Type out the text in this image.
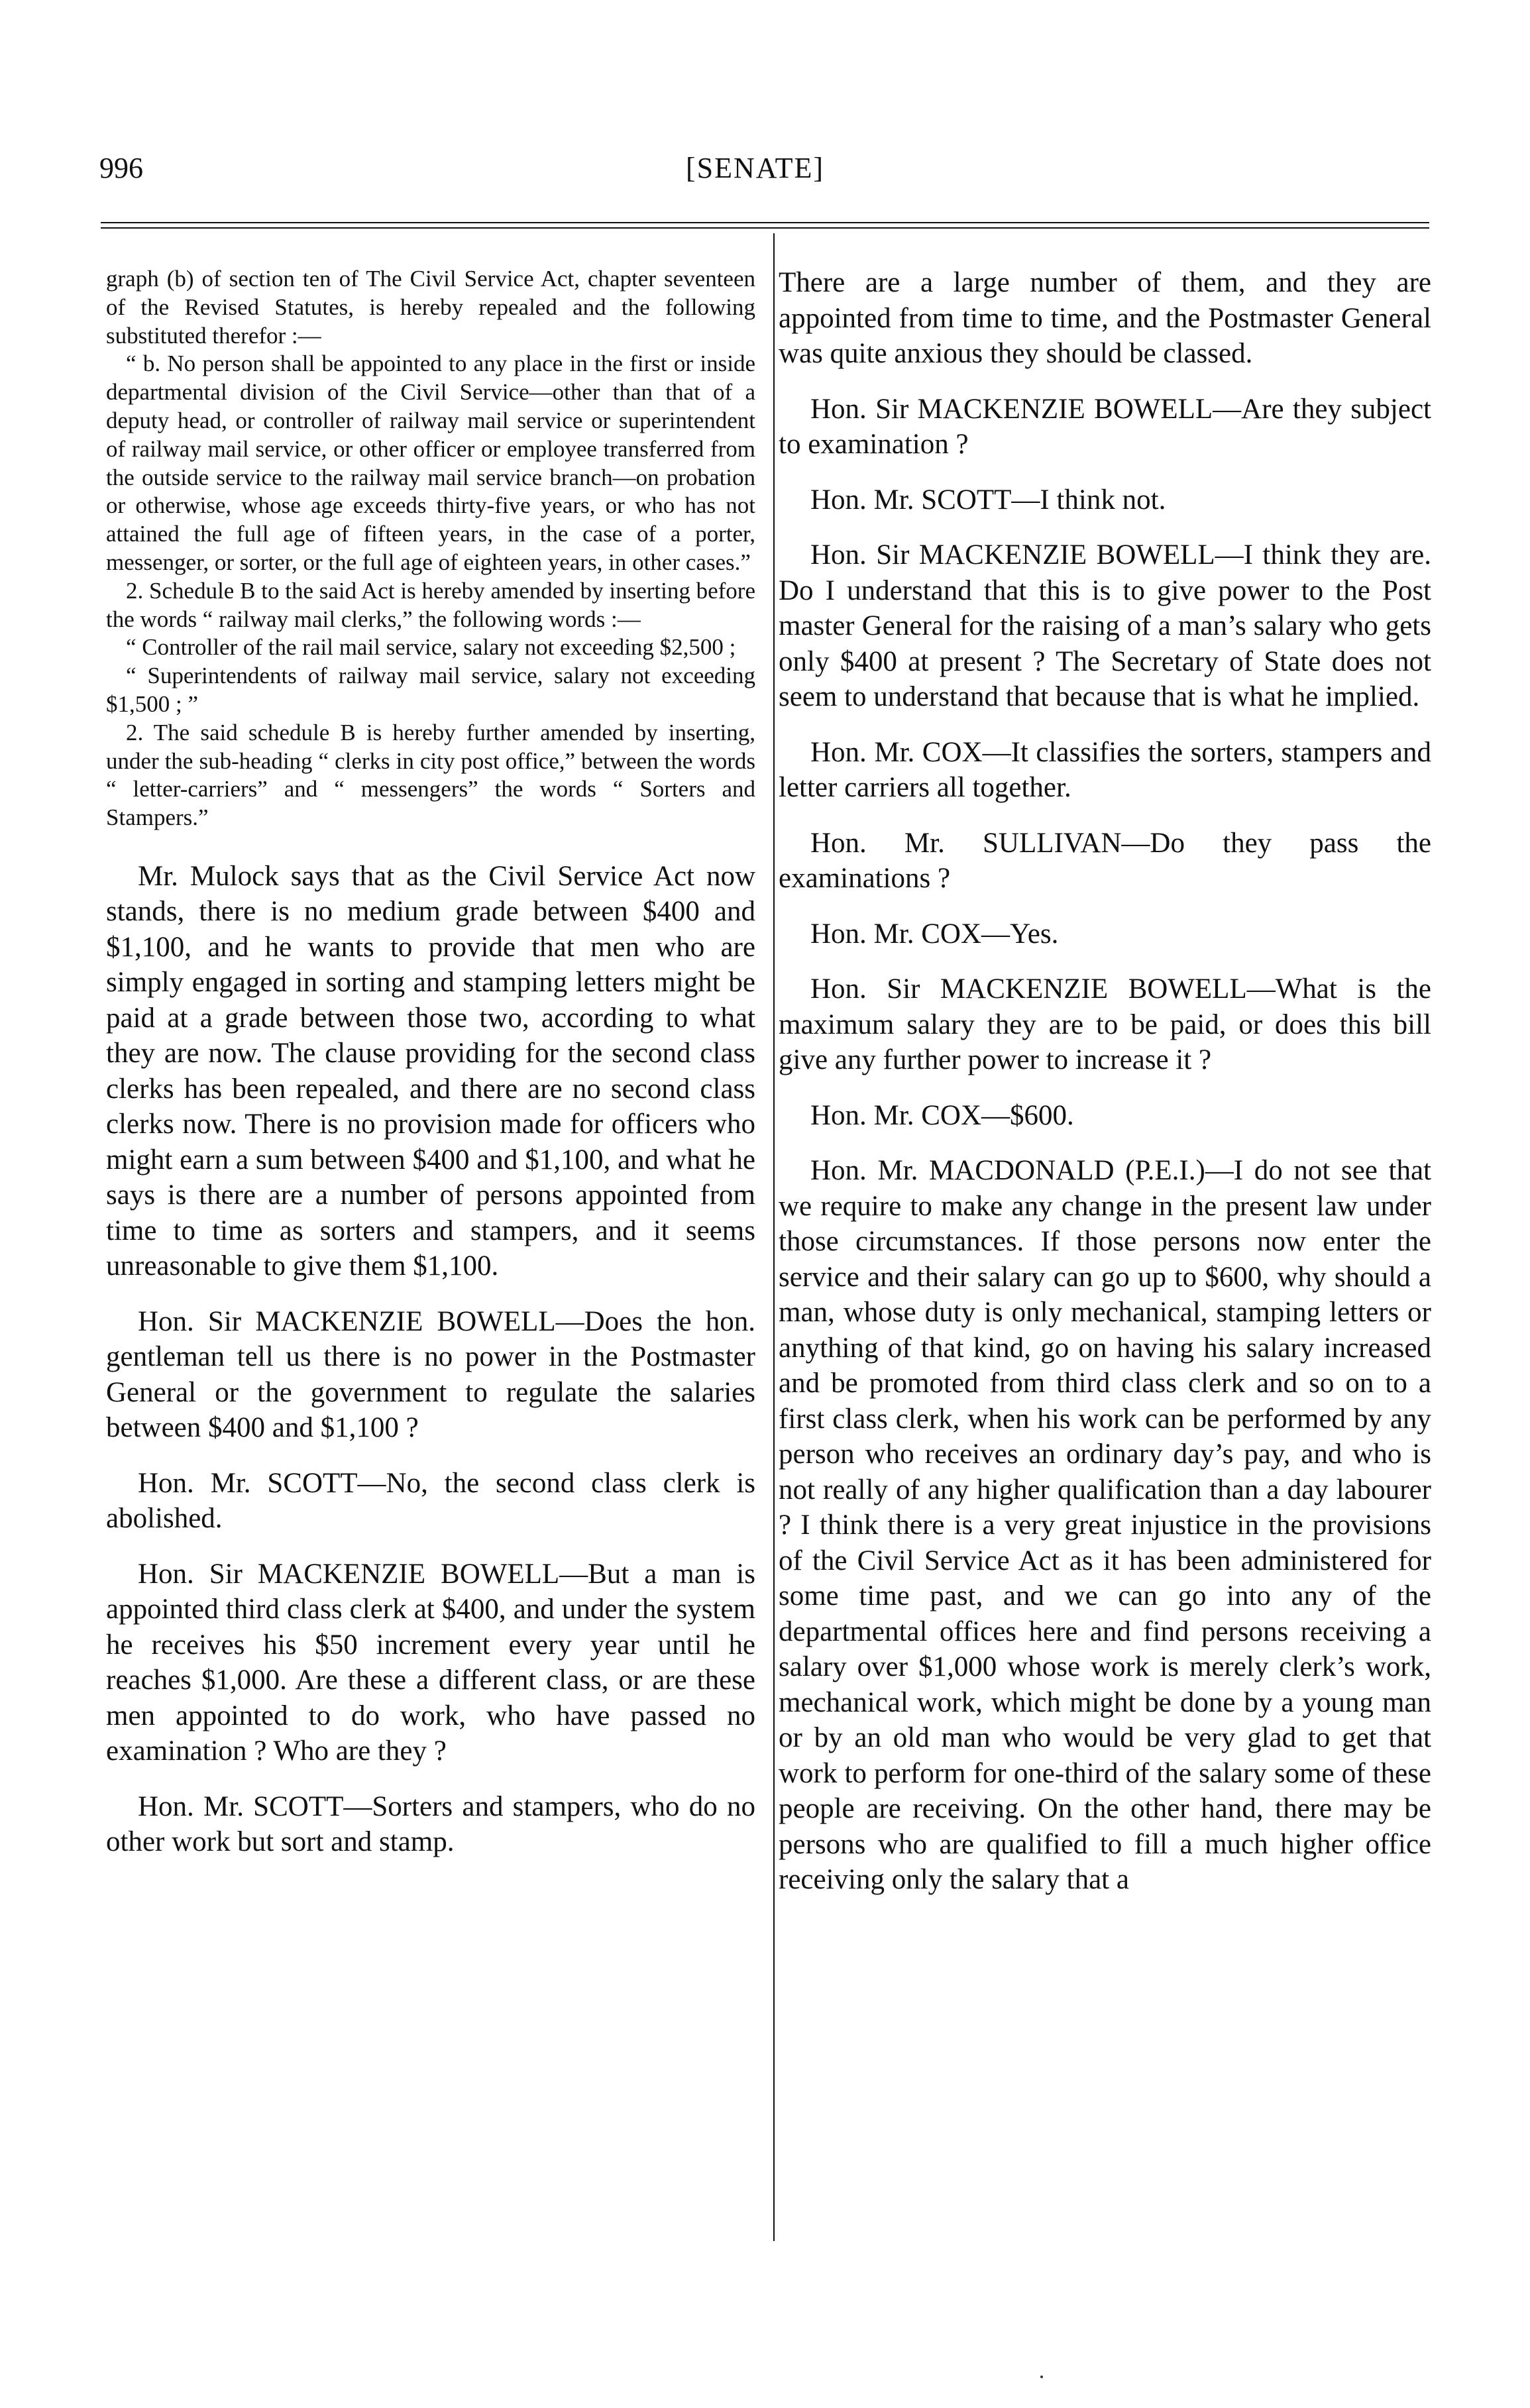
996	[SENATE]

graph (b) of section ten of The Civil Service Act, chapter seventeen of the Revised Statutes, is hereby repealed and the following substituted therefor :—

“ b. No person shall be appointed to any place in the first or inside departmental division of the Civil Service—other than that of a deputy head, or controller of railway mail service or superintendent of railway mail service, or other officer or employee transferred from the outside service to the railway mail service branch—on probation or otherwise, whose age exceeds thirty-five years, or who has not attained the full age of fifteen years, in the case of a porter, messenger, or sorter, or the full age of eighteen years, in other cases.”

2. Schedule B to the said Act is hereby amended by inserting before the words “ railway mail clerks,” the following words :—

“ Controller of the rail mail service, salary not exceeding $2,500 ;

“ Superintendents of railway mail service, salary not exceeding $1,500 ; ”

2. The said schedule B is hereby further amended by inserting, under the sub-heading “ clerks in city post office,” between the words “ letter-carriers” and “ messengers” the words “ Sorters and Stampers.”

Mr. Mulock says that as the Civil Service Act now stands, there is no medium grade between $400 and $1,100, and he wants to provide that men who are simply engaged in sorting and stamping letters might be paid at a grade between those two, according to what they are now. The clause providing for the second class clerks has been repealed, and there are no second class clerks now. There is no provision made for officers who might earn a sum between $400 and $1,100, and what he says is there are a number of persons appointed from time to time as sorters and stampers, and it seems unreasonable to give them $1,100.

Hon. Sir MACKENZIE BOWELL—Does the hon. gentleman tell us there is no power in the Postmaster General or the government to regulate the salaries between $400 and $1,100 ?

Hon. Mr. SCOTT—No, the second class clerk is abolished.

Hon. Sir MACKENZIE BOWELL—But a man is appointed third class clerk at $400, and under the system he receives his $50 increment every year until he reaches $1,000. Are these a different class, or are these men appointed to do work, who have passed no examination ? Who are they ?

Hon. Mr. SCOTT—Sorters and stampers, who do no other work but sort and stamp.

There are a large number of them, and they are appointed from time to time, and the Postmaster General was quite anxious they should be classed.

Hon. Sir MACKENZIE BOWELL—Are they subject to examination ?

Hon. Mr. SCOTT—I think not.

Hon. Sir MACKENZIE BOWELL—I think they are. Do I understand that this is to give power to the Post master General for the raising of a man’s salary who gets only $400 at present ? The Secretary of State does not seem to understand that because that is what he implied.

Hon. Mr. COX—It classifies the sorters, stampers and letter carriers all together.

Hon. Mr. SULLIVAN—Do they pass the examinations ?

Hon. Mr. COX—Yes.

Hon. Sir MACKENZIE BOWELL—What is the maximum salary they are to be paid, or does this bill give any further power to increase it ?

Hon. Mr. COX—$600.

Hon. Mr. MACDONALD (P.E.I.)—I do not see that we require to make any change in the present law under those circumstances. If those persons now enter the service and their salary can go up to $600, why should a man, whose duty is only mechanical, stamping letters or anything of that kind, go on having his salary increased and be promoted from third class clerk and so on to a first class clerk, when his work can be performed by any person who receives an ordinary day’s pay, and who is not really of any higher qualification than a day labourer ? I think there is a very great injustice in the provisions of the Civil Service Act as it has been administered for some time past, and we can go into any of the departmental offices here and find persons receiving a salary over $1,000 whose work is merely clerk’s work, mechanical work, which might be done by a young man or by an old man who would be very glad to get that work to perform for one-third of the salary some of these people are receiving. On the other hand, there may be persons who are qualified to fill a much higher office receiving only the salary that a
